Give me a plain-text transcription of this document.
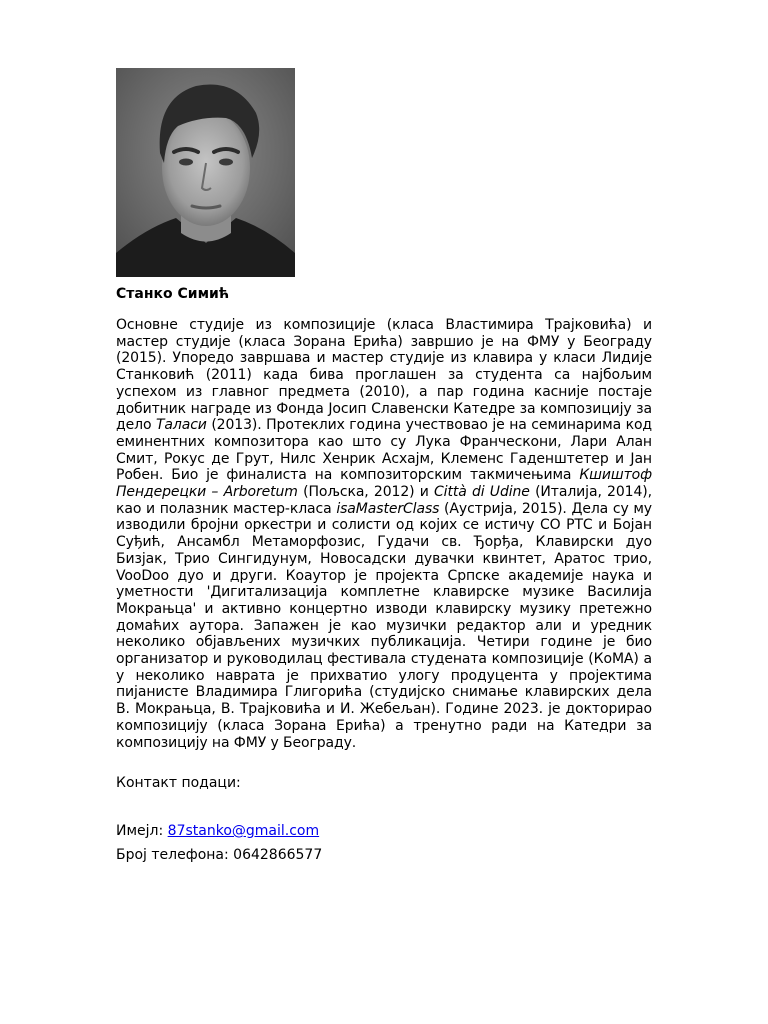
Станко Симић
Основне студије из композиције (класа Властимира Трајковића) и мастер студије (класа Зорана Ерића) завршио је на ФМУ у Београду (2015). Упоредо завршава и мастер студије из клавира у класи Лидије Станковић (2011) када бива проглашен за студента са најбољим успехом из главног предмета (2010), а пар година касније постаје добитник награде из Фонда Јосип Славенски Катедре за композицију за дело Таласи (2013). Протеклих година учествовао је на семинарима код еминентних композитора као што су Лука Франческони, Лари Алан Смит, Рокус де Грут, Нилс Хенрик Асхајм, Клеменс Гаденштетер и Јан Робен. Био је финалиста на композиторским такмичењима Кшиштоф Пендерецки – Arboretum (Пољска, 2012) и Città di Udine (Италија, 2014), као и полазник мастер-класа isaMasterClass (Аустрија, 2015). Дела су му изводили бројни оркестри и солисти од којих се истичу СО РТС и Бојан Суђић, Ансамбл Метаморфозис, Гудачи св. Ђорђа, Клавирски дуо Бизјак, Трио Сингидунум, Новосадски дувачки квинтет, Аратос трио, VooDoo дуо и други. Коаутор је пројекта Српске академије наука и уметности 'Дигитализација комплетне клавирске музике Василија Мокрањца' и активно концертно изводи клавирску музику претежно домаћих аутора. Запажен је као музички редактор али и уредник неколико објављених музичких публикација. Четири године је био организатор и руководилац фестивала студената композиције (КоМА) а у неколико наврата је прихватио улогу продуцента у пројектима пијанисте Владимира Глигорића (студијско снимање клавирских дела В. Мокрањца, В. Трајковића и И. Жебељан). Године 2023. је докторирао композицију (класа Зорана Ерића) а тренутно ради на Катедри за композицију на ФМУ у Београду.
Контакт подаци:
Имејл: 87stanko@gmail.com
Број телефона: 0642866577
